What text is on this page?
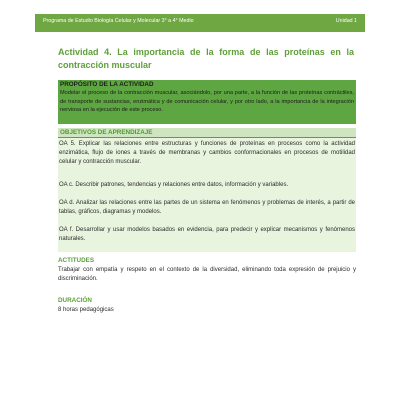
Programa de Estudio Biología Celular y Molecular 3° a 4° Medio	Unidad 1
Actividad 4. La importancia de la forma de las proteínas en la contracción muscular
PROPÓSITO DE LA ACTIVIDAD
Modelar el proceso de la contracción muscular, asociándolo, por una parte, a la función de las proteínas contráctiles, de transporte de sustancias, enzimática y de comunicación celular, y por otro lado, a la importancia de la integración nerviosa en la ejecución de este proceso.
OBJETIVOS DE APRENDIZAJE
OA 5. Explicar las relaciones entre estructuras y funciones de proteínas en procesos como la actividad enzimática, flujo de iones a través de membranas y cambios conformacionales en procesos de motilidad celular y contracción muscular.
OA c. Describir patrones, tendencias y relaciones entre datos, información y variables.
OA d. Analizar las relaciones entre las partes de un sistema en fenómenos y problemas de interés, a partir de tablas, gráficos, diagramas y modelos.
OA f. Desarrollar y usar modelos basados en evidencia, para predecir y explicar mecanismos y fenómenos naturales.
ACTITUDES
Trabajar con empatía y respeto en el contexto de la diversidad, eliminando toda expresión de prejuicio y discriminación.
DURACIÓN
8 horas pedagógicas
